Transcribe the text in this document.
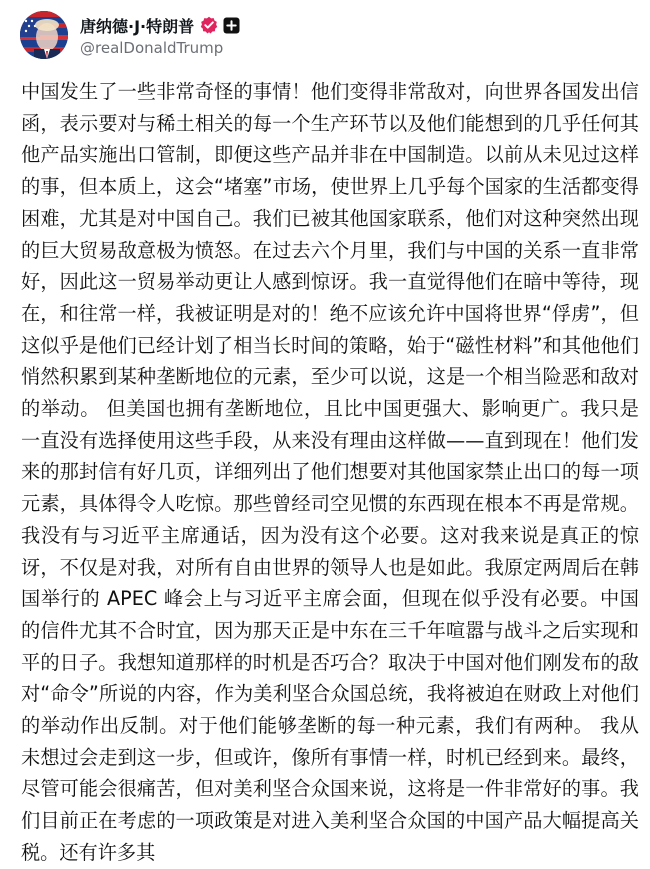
唐纳德·J·特朗普
@realDonaldTrump

中国发生了一些非常奇怪的事情！他们变得非常敌对，向世界各国发出信函，表示要对与稀土相关的每一个生产环节以及他们能想到的几乎任何其他产品实施出口管制，即便这些产品并非在中国制造。以前从未见过这样的事，但本质上，这会“堵塞”市场，使世界上几乎每个国家的生活都变得困难，尤其是对中国自己。我们已被其他国家联系，他们对这种突然出现的巨大贸易敌意极为愤怒。在过去六个月里，我们与中国的关系一直非常好，因此这一贸易举动更让人感到惊讶。我一直觉得他们在暗中等待，现在，和往常一样，我被证明是对的！绝不应该允许中国将世界“俘虏”，但这似乎是他们已经计划了相当长时间的策略，始于“磁性材料”和其他他们悄然积累到某种垄断地位的元素，至少可以说，这是一个相当险恶和敌对的举动。 但美国也拥有垄断地位，且比中国更强大、影响更广。我只是一直没有选择使用这些手段，从来没有理由这样做——直到现在！他们发来的那封信有好几页，详细列出了他们想要对其他国家禁止出口的每一项元素，具体得令人吃惊。那些曾经司空见惯的东西现在根本不再是常规。我没有与习近平主席通话，因为没有这个必要。这对我来说是真正的惊讶，不仅是对我，对所有自由世界的领导人也是如此。我原定两周后在韩国举行的 APEC 峰会上与习近平主席会面，但现在似乎没有必要。中国的信件尤其不合时宜，因为那天正是中东在三千年喧嚣与战斗之后实现和平的日子。我想知道那样的时机是否巧合？取决于中国对他们刚发布的敌对“命令”所说的内容，作为美利坚合众国总统，我将被迫在财政上对他们的举动作出反制。对于他们能够垄断的每一种元素，我们有两种。 我从未想过会走到这一步，但或许，像所有事情一样，时机已经到来。最终，尽管可能会很痛苦，但对美利坚合众国来说，这将是一件非常好的事。我们目前正在考虑的一项政策是对进入美利坚合众国的中国产品大幅提高关税。还有许多其
